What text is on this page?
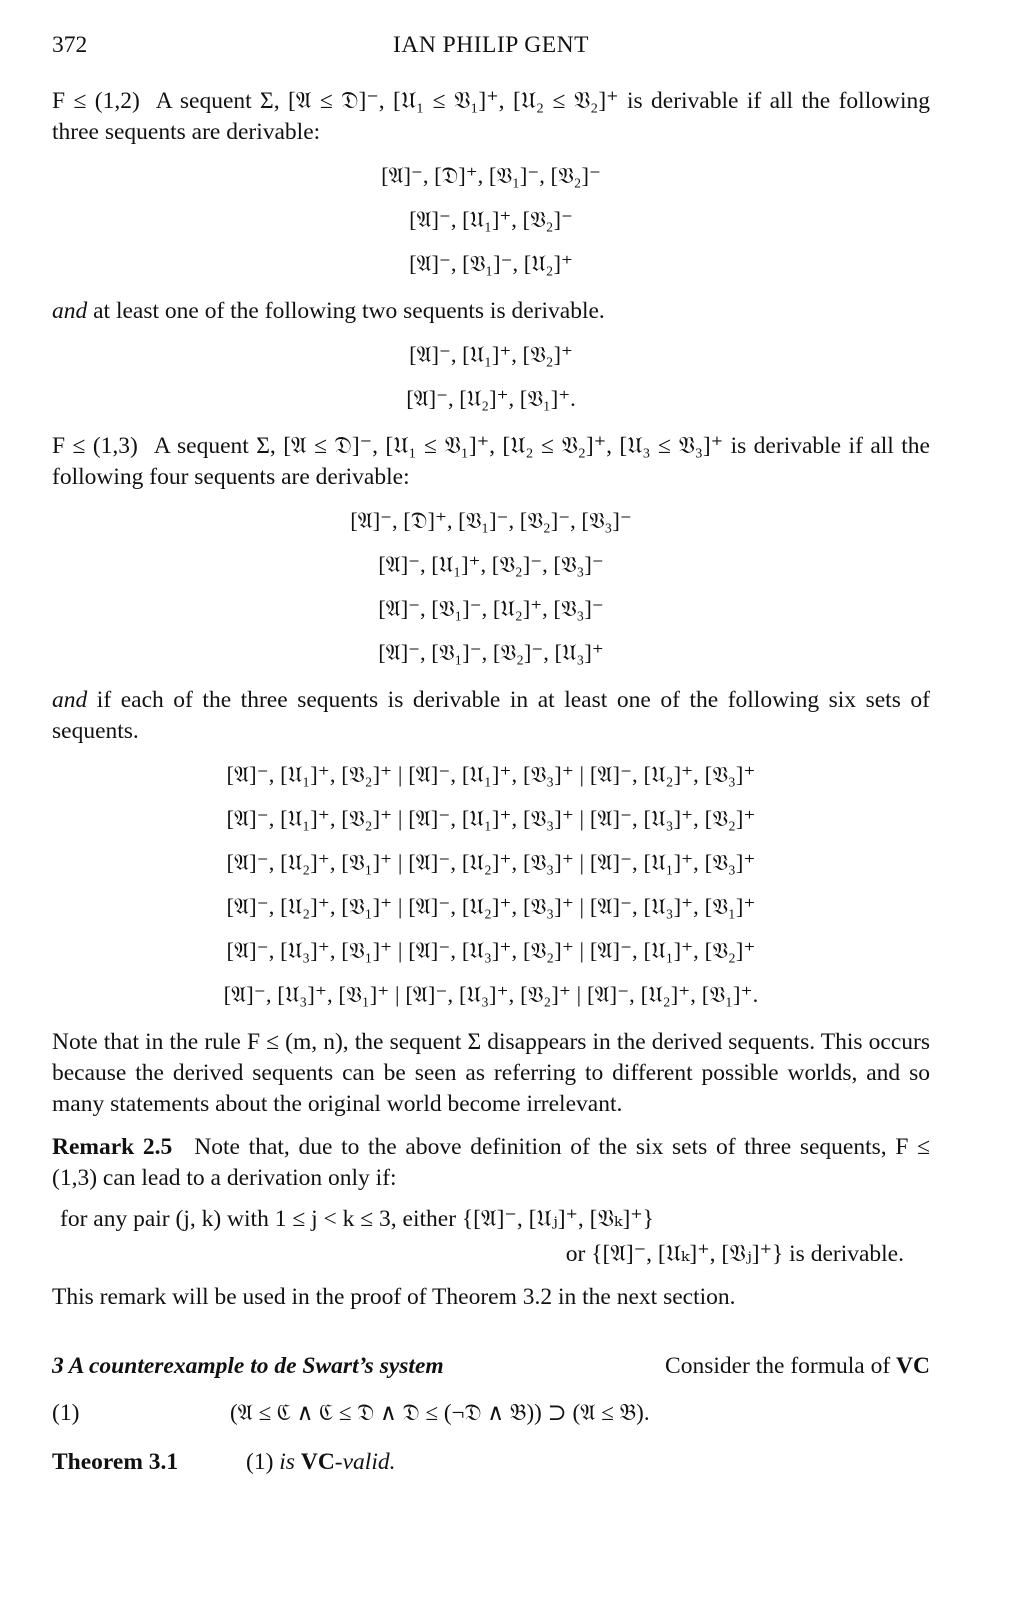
372	IAN PHILIP GENT

F ≤ (1,2) A sequent Σ, [𝔄 ≤ 𝔇]⁻, [𝔘₁ ≤ 𝔙₁]⁺, [𝔘₂ ≤ 𝔙₂]⁺ is derivable if all the following three sequents are derivable:

[𝔄]⁻, [𝔇]⁺, [𝔙₁]⁻, [𝔙₂]⁻
[𝔄]⁻, [𝔘₁]⁺, [𝔙₂]⁻
[𝔄]⁻, [𝔙₁]⁻, [𝔘₂]⁺

and at least one of the following two sequents is derivable.

[𝔄]⁻, [𝔘₁]⁺, [𝔙₂]⁺
[𝔄]⁻, [𝔘₂]⁺, [𝔙₁]⁺.

F ≤ (1,3) A sequent Σ, [𝔄 ≤ 𝔇]⁻, [𝔘₁ ≤ 𝔙₁]⁺, [𝔘₂ ≤ 𝔙₂]⁺, [𝔘₃ ≤ 𝔙₃]⁺ is derivable if all the following four sequents are derivable:

[𝔄]⁻, [𝔇]⁺, [𝔙₁]⁻, [𝔙₂]⁻, [𝔙₃]⁻
[𝔄]⁻, [𝔘₁]⁺, [𝔙₂]⁻, [𝔙₃]⁻
[𝔄]⁻, [𝔙₁]⁻, [𝔘₂]⁺, [𝔙₃]⁻
[𝔄]⁻, [𝔙₁]⁻, [𝔙₂]⁻, [𝔘₃]⁺

and if each of the three sequents is derivable in at least one of the following six sets of sequents.

[𝔄]⁻, [𝔘₁]⁺, [𝔙₂]⁺ | [𝔄]⁻, [𝔘₁]⁺, [𝔙₃]⁺ | [𝔄]⁻, [𝔘₂]⁺, [𝔙₃]⁺
[𝔄]⁻, [𝔘₁]⁺, [𝔙₂]⁺ | [𝔄]⁻, [𝔘₁]⁺, [𝔙₃]⁺ | [𝔄]⁻, [𝔘₃]⁺, [𝔙₂]⁺
[𝔄]⁻, [𝔘₂]⁺, [𝔙₁]⁺ | [𝔄]⁻, [𝔘₂]⁺, [𝔙₃]⁺ | [𝔄]⁻, [𝔘₁]⁺, [𝔙₃]⁺
[𝔄]⁻, [𝔘₂]⁺, [𝔙₁]⁺ | [𝔄]⁻, [𝔘₂]⁺, [𝔙₃]⁺ | [𝔄]⁻, [𝔘₃]⁺, [𝔙₁]⁺
[𝔄]⁻, [𝔘₃]⁺, [𝔙₁]⁺ | [𝔄]⁻, [𝔘₃]⁺, [𝔙₂]⁺ | [𝔄]⁻, [𝔘₁]⁺, [𝔙₂]⁺
[𝔄]⁻, [𝔘₃]⁺, [𝔙₁]⁺ | [𝔄]⁻, [𝔘₃]⁺, [𝔙₂]⁺ | [𝔄]⁻, [𝔘₂]⁺, [𝔙₁]⁺.

Note that in the rule F ≤ (m, n), the sequent Σ disappears in the derived sequents. This occurs because the derived sequents can be seen as referring to different possible worlds, and so many statements about the original world become irrelevant.

Remark 2.5 Note that, due to the above definition of the six sets of three sequents, F ≤ (1,3) can lead to a derivation only if:

for any pair (j, k) with 1 ≤ j < k ≤ 3, either {[𝔄]⁻, [𝔘ⱼ]⁺, [𝔙ₖ]⁺}
or {[𝔄]⁻, [𝔘ₖ]⁺, [𝔙ⱼ]⁺} is derivable.

This remark will be used in the proof of Theorem 3.2 in the next section.

3 A counterexample to de Swart’s system	Consider the formula of VC
(1)	(𝔄 ≤ ℭ ∧ ℭ ≤ 𝔇 ∧ 𝔇 ≤ (¬𝔇 ∧ 𝔅)) ⊃ (𝔄 ≤ 𝔅).
Theorem 3.1	(1) is VC-valid.
